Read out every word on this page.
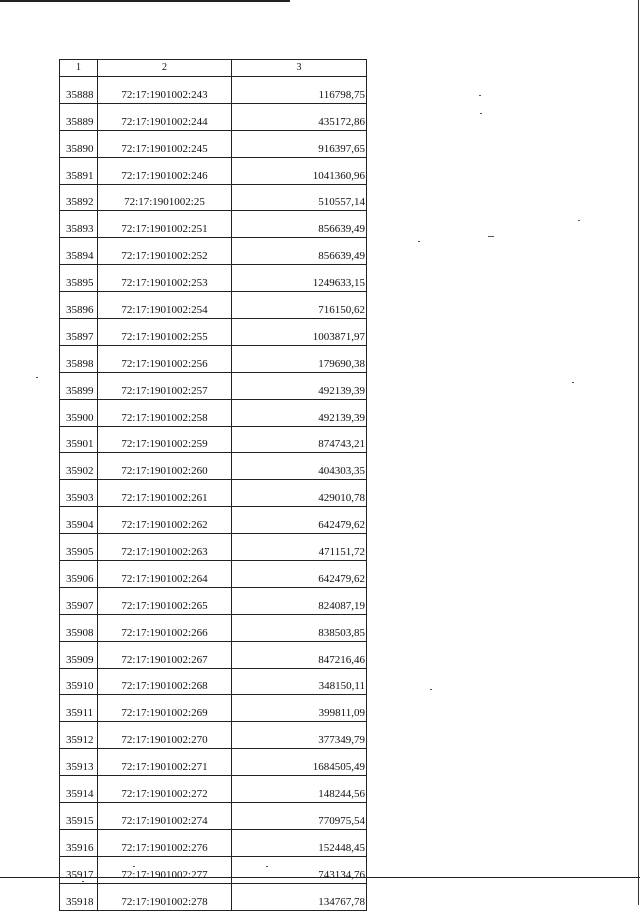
1	2	3
35888	72:17:1901002:243	116798,75
35889	72:17:1901002:244	435172,86
35890	72:17:1901002:245	916397,65
35891	72:17:1901002:246	1041360,96
35892	72:17:1901002:25	510557,14
35893	72:17:1901002:251	856639,49
35894	72:17:1901002:252	856639,49
35895	72:17:1901002:253	1249633,15
35896	72:17:1901002:254	716150,62
35897	72:17:1901002:255	1003871,97
35898	72:17:1901002:256	179690,38
35899	72:17:1901002:257	492139,39
35900	72:17:1901002:258	492139,39
35901	72:17:1901002:259	874743,21
35902	72:17:1901002:260	404303,35
35903	72:17:1901002:261	429010,78
35904	72:17:1901002:262	642479,62
35905	72:17:1901002:263	471151,72
35906	72:17:1901002:264	642479,62
35907	72:17:1901002:265	824087,19
35908	72:17:1901002:266	838503,85
35909	72:17:1901002:267	847216,46
35910	72:17:1901002:268	348150,11
35911	72:17:1901002:269	399811,09
35912	72:17:1901002:270	377349,79
35913	72:17:1901002:271	1684505,49
35914	72:17:1901002:272	148244,56
35915	72:17:1901002:274	770975,54
35916	72:17:1901002:276	152448,45
35917	72:17:1901002:277	743134,76
35918	72:17:1901002:278	134767,78
